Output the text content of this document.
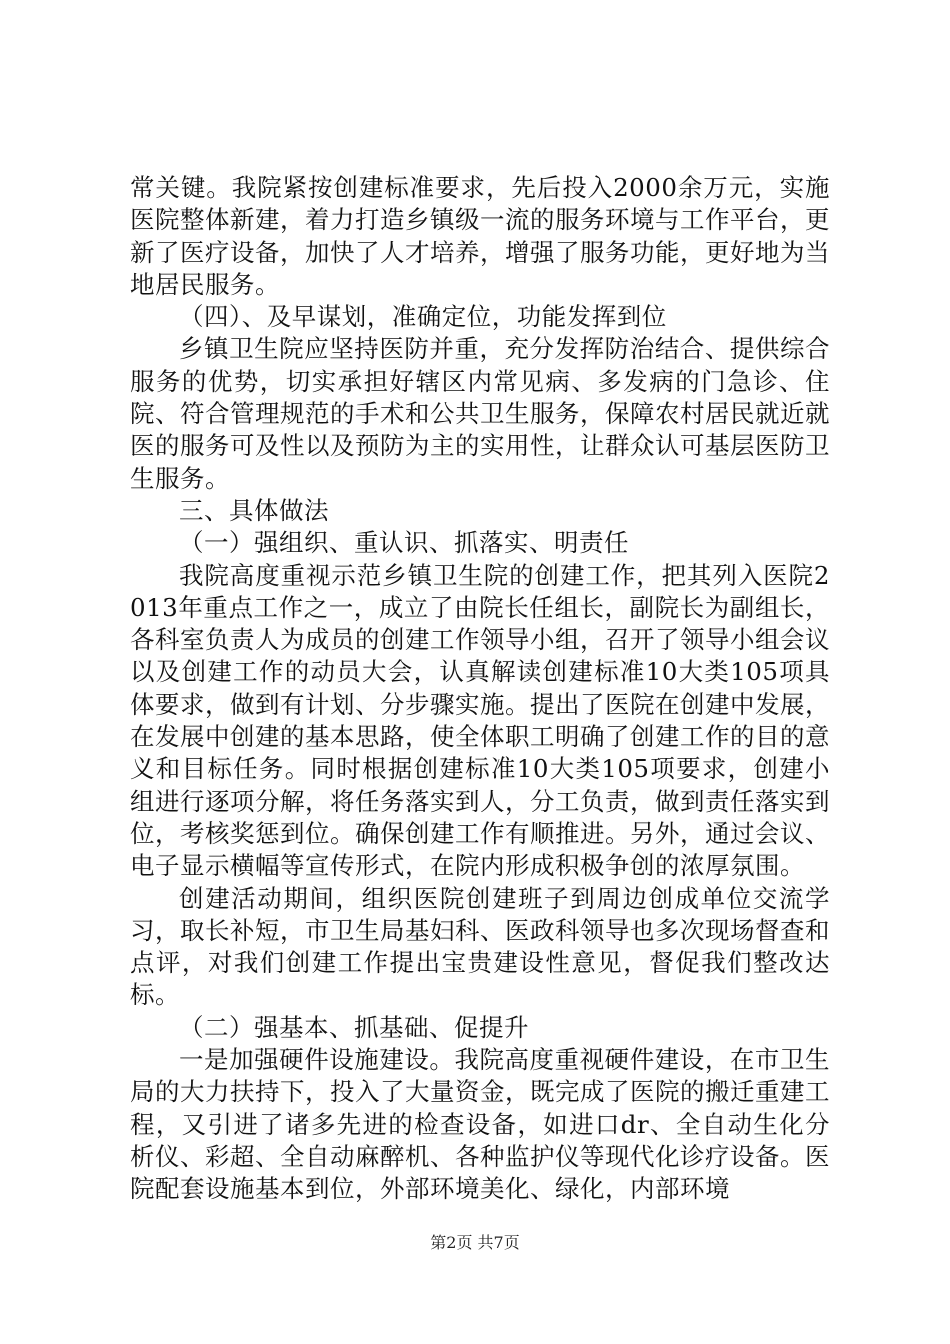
常关键。我院紧按创建标准要求，先后投入2000余万元，实施医院整体新建，着力打造乡镇级一流的服务环境与工作平台，更新了医疗设备，加快了人才培养，增强了服务功能，更好地为当地居民服务。

（四）、及早谋划，准确定位，功能发挥到位

乡镇卫生院应坚持医防并重，充分发挥防治结合、提供综合服务的优势，切实承担好辖区内常见病、多发病的门急诊、住院、符合管理规范的手术和公共卫生服务，保障农村居民就近就医的服务可及性以及预防为主的实用性，让群众认可基层医防卫生服务。

三、具体做法

（一）强组织、重认识、抓落实、明责任

我院高度重视示范乡镇卫生院的创建工作，把其列入医院2013年重点工作之一，成立了由院长任组长，副院长为副组长，各科室负责人为成员的创建工作领导小组，召开了领导小组会议以及创建工作的动员大会，认真解读创建标准10大类105项具体要求，做到有计划、分步骤实施。提出了医院在创建中发展，在发展中创建的基本思路，使全体职工明确了创建工作的目的意义和目标任务。同时根据创建标准10大类105项要求，创建小组进行逐项分解，将任务落实到人，分工负责，做到责任落实到位，考核奖惩到位。确保创建工作有顺推进。另外，通过会议、电子显示横幅等宣传形式，在院内形成积极争创的浓厚氛围。

创建活动期间，组织医院创建班子到周边创成单位交流学习，取长补短，市卫生局基妇科、医政科领导也多次现场督查和点评，对我们创建工作提出宝贵建设性意见，督促我们整改达标。

（二）强基本、抓基础、促提升

一是加强硬件设施建设。我院高度重视硬件建设，在市卫生局的大力扶持下，投入了大量资金，既完成了医院的搬迁重建工程，又引进了诸多先进的检查设备，如进口dr、全自动生化分析仪、彩超、全自动麻醉机、各种监护仪等现代化诊疗设备。医院配套设施基本到位，外部环境美化、绿化，内部环境

第2页 共7页
